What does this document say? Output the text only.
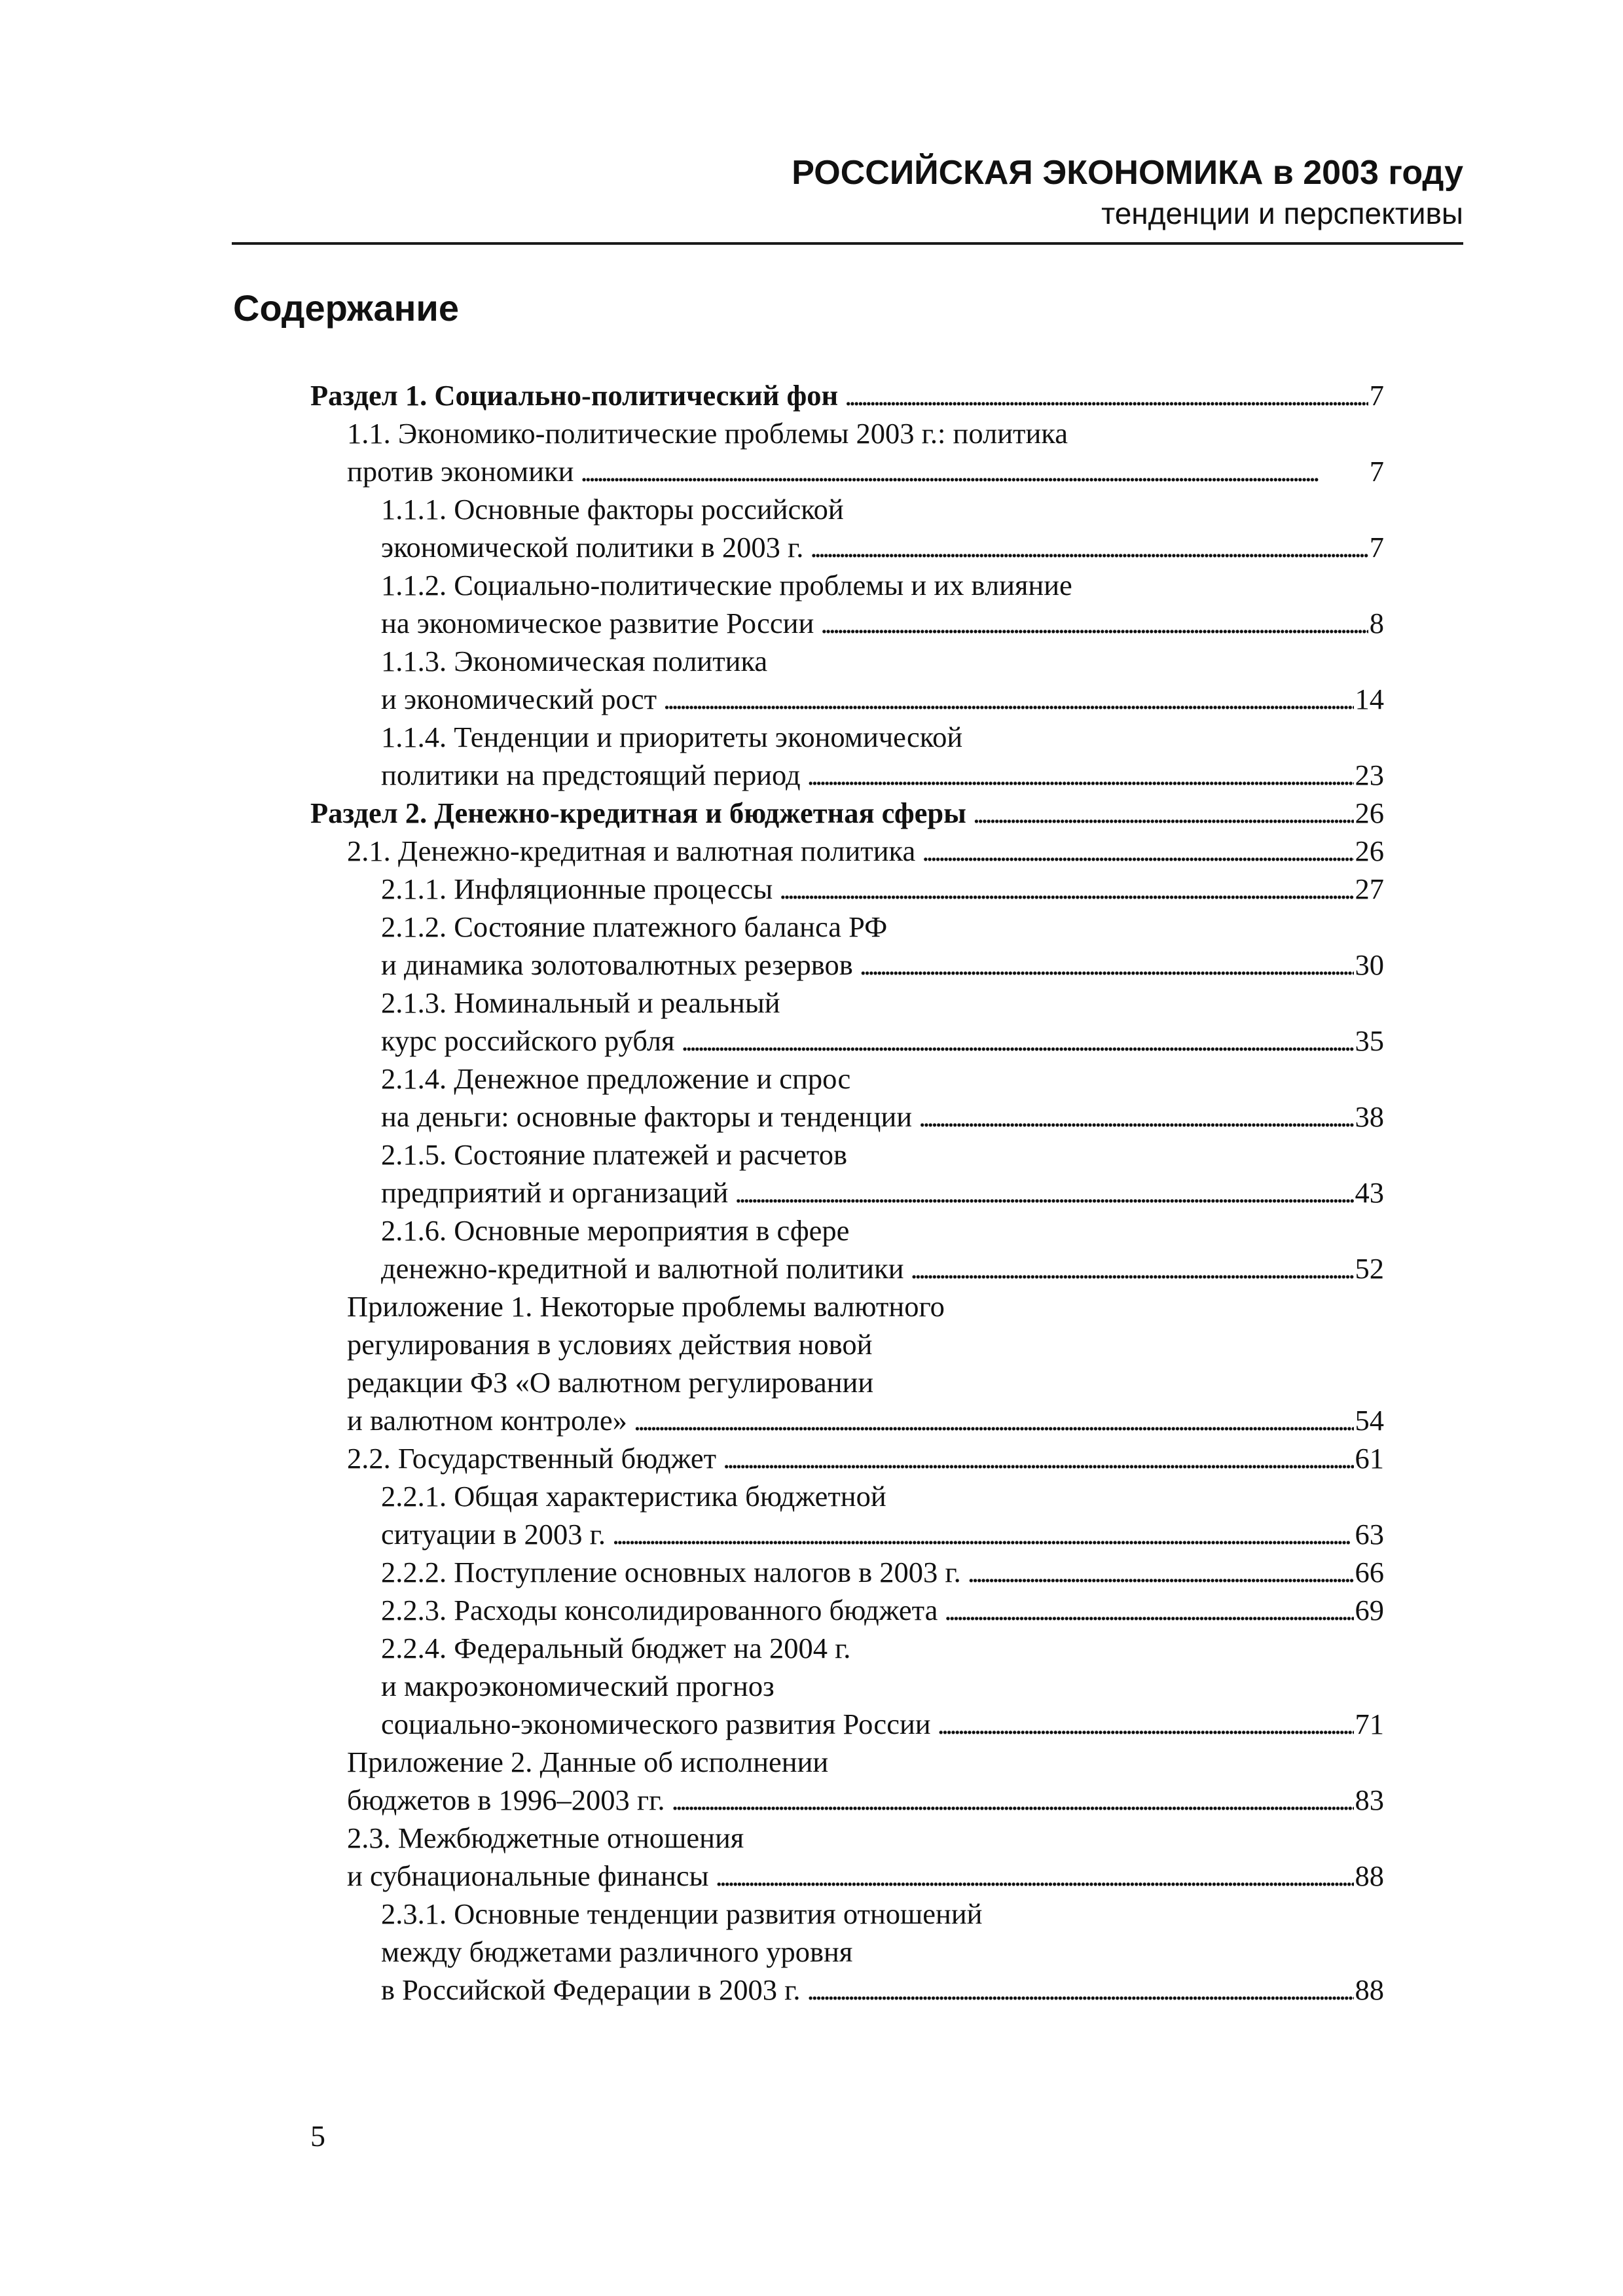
РОССИЙСКАЯ ЭКОНОМИКА в 2003 году
тенденции и перспективы
Содержание
Раздел 1. Социально-политический фон . . .	7
1.1. Экономико-политические проблемы 2003 г.: политика
против экономики . . .	7
1.1.1. Основные факторы российской
экономической политики в 2003 г. . . .	7
1.1.2. Социально-политические проблемы и их влияние
на экономическое развитие России . . .	8
1.1.3. Экономическая политика
и экономический рост . . .	14
1.1.4. Тенденции и приоритеты экономической
политики на предстоящий период . . .	23
Раздел 2. Денежно-кредитная и бюджетная сферы . . .	26
2.1. Денежно-кредитная и валютная политика . . .	26
2.1.1. Инфляционные процессы . . .	27
2.1.2. Состояние платежного баланса РФ
и динамика золотовалютных резервов . . .	30
2.1.3. Номинальный и реальный
курс российского рубля . . .	35
2.1.4. Денежное предложение и спрос
на деньги: основные факторы и тенденции . . .	38
2.1.5. Состояние платежей и расчетов
предприятий и организаций . . .	43
2.1.6. Основные мероприятия в сфере
денежно-кредитной и валютной политики . . .	52
Приложение 1. Некоторые проблемы валютного
регулирования в условиях действия новой
редакции ФЗ «О валютном регулировании
и валютном контроле» . . .	54
2.2. Государственный бюджет . . .	61
2.2.1. Общая характеристика бюджетной
ситуации в 2003 г. . . .	63
2.2.2. Поступление основных налогов в 2003 г. . . .	66
2.2.3. Расходы консолидированного бюджета . . .	69
2.2.4. Федеральный бюджет на 2004 г.
и макроэкономический прогноз
социально-экономического развития России . . .	71
Приложение 2. Данные об исполнении
бюджетов в 1996–2003 гг. . . .	83
2.3. Межбюджетные отношения
и субнациональные финансы . . .	88
2.3.1. Основные тенденции развития отношений
между бюджетами различного уровня
в Российской Федерации в 2003 г. . . .	88
5
